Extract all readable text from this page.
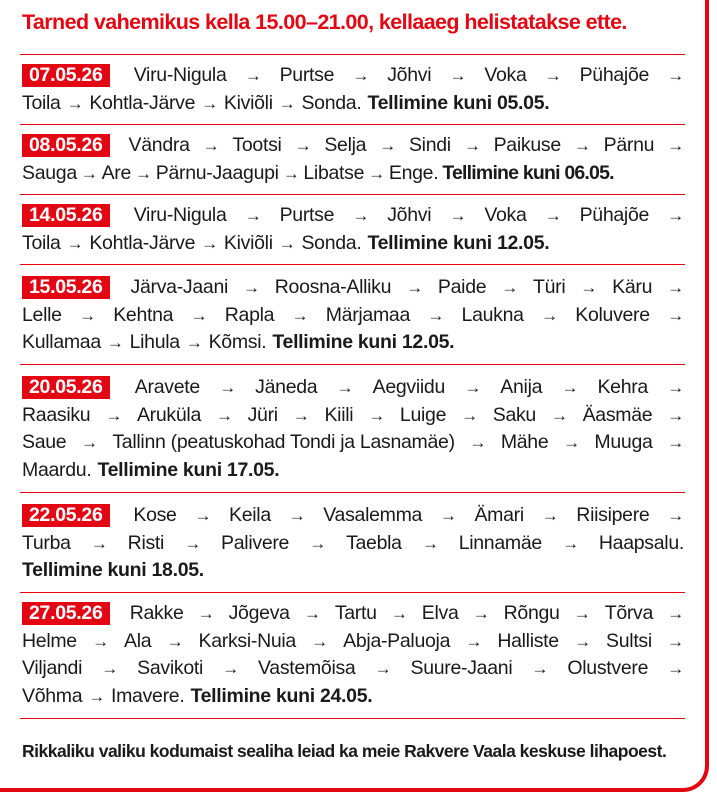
Tarned vahemikus kella 15.00–21.00, kellaaeg helistatakse ette.
07.05.26	Viru-Nigula → Purtse → Jõhvi → Voka → Pühajõe →
Toila → Kohtla-Järve → Kiviõli → Sonda. Tellimine kuni 05.05.
08.05.26	Vändra → Tootsi → Selja → Sindi → Paikuse → Pärnu →
Sauga → Are → Pärnu-Jaagupi → Libatse → Enge. Tellimine kuni 06.05.
14.05.26	Viru-Nigula → Purtse → Jõhvi → Voka → Pühajõe →
Toila → Kohtla-Järve → Kiviõli → Sonda. Tellimine kuni 12.05.
15.05.26	Järva-Jaani → Roosna-Alliku → Paide → Türi → Käru →
Lelle → Kehtna → Rapla → Märjamaa → Laukna → Koluvere →
Kullamaa → Lihula → Kõmsi. Tellimine kuni 12.05.
20.05.26	Aravete → Jäneda → Aegviidu → Anija → Kehra →
Raasiku → Aruküla → Jüri → Kiili → Luige → Saku → Äasmäe →
Saue → Tallinn (peatuskohad Tondi ja Lasnamäe) → Mähe → Muuga →
Maardu. Tellimine kuni 17.05.
22.05.26	Kose → Keila → Vasalemma → Ämari → Riisipere →
Turba → Risti → Palivere → Taebla → Linnamäe → Haapsalu.
Tellimine kuni 18.05.
27.05.26	Rakke → Jõgeva → Tartu → Elva → Rõngu → Tõrva →
Helme → Ala → Karksi-Nuia → Abja-Paluoja → Halliste → Sultsi →
Viljandi → Savikoti → Vastemõisa → Suure-Jaani → Olustvere →
Võhma → Imavere. Tellimine kuni 24.05.
Rikkaliku valiku kodumaist sealiha leiad ka meie Rakvere Vaala keskuse lihapoest.
